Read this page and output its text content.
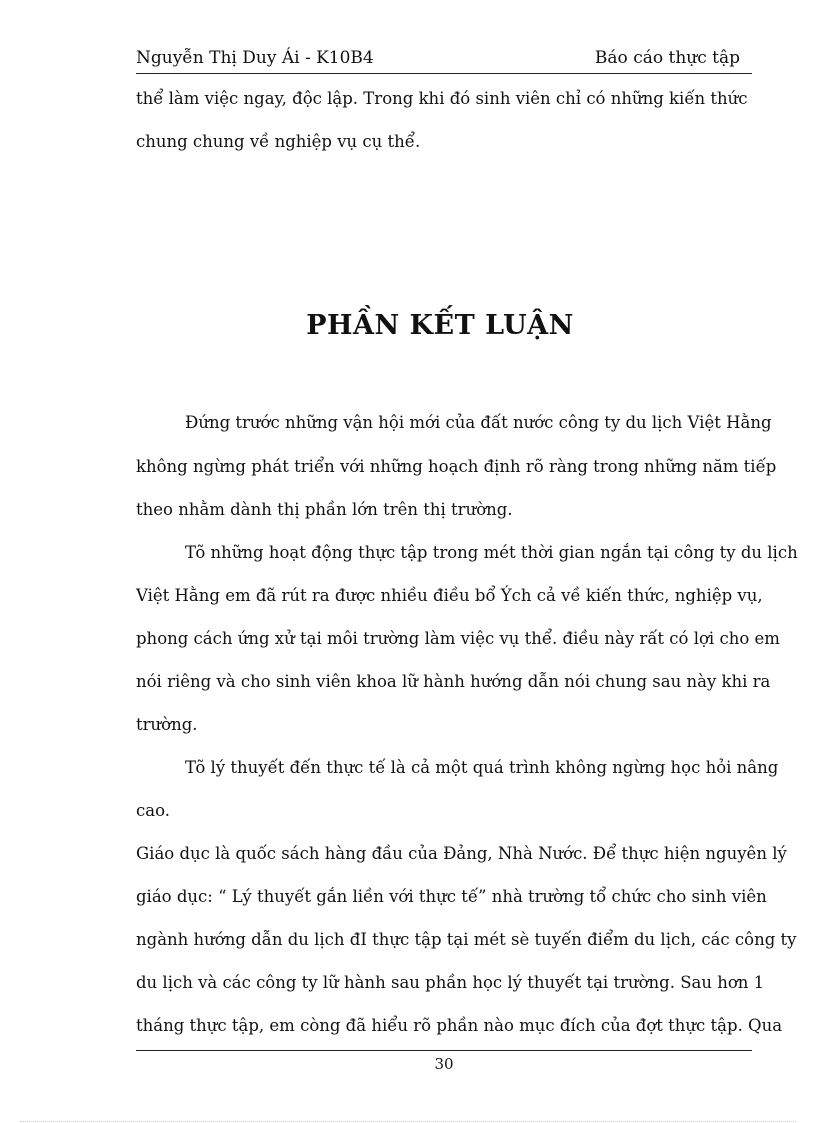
Nguyễn Thị Duy Ái - K10B4	Báo cáo thực tập
thể làm việc ngay, độc lập. Trong khi đó sinh viên chỉ có những kiến thức
chung chung về nghiệp vụ cụ thể.
PHẦN KẾT LUẬN
Đứng trước những vận hội mới của đất nước công ty du lịch Việt Hằng
không ngừng phát triển với những hoạch định rõ ràng trong những năm tiếp
theo nhằm dành thị phần lớn trên thị trường.
Tõ những hoạt động thực tập trong mét thời gian ngắn tại công ty du lịch
Việt Hằng em đã rút ra được nhiều điều bổ Ých cả về kiến thức, nghiệp vụ,
phong cách ứng xử tại môi trường làm việc vụ thể. điều này rất có lợi cho em
nói riêng và cho sinh viên khoa lữ hành hướng dẫn nói chung sau này khi ra
trường.
Tõ lý thuyết đến thực tế là cả một quá trình không ngừng học hỏi nâng
cao.
Giáo dục là quốc sách hàng đầu của Đảng, Nhà Nước. Để thực hiện nguyên lý
giáo dục: “ Lý thuyết gắn liền với thực tế” nhà trường tổ chức cho sinh viên
ngành hướng dẫn du lịch đI thực tập tại mét sè tuyến điểm du lịch, các công ty
du lịch và các công ty lữ hành sau phần học lý thuyết tại trường. Sau hơn 1
tháng thực tập, em còng đã hiểu rõ phần nào mục đích của đợt thực tập. Qua
30
